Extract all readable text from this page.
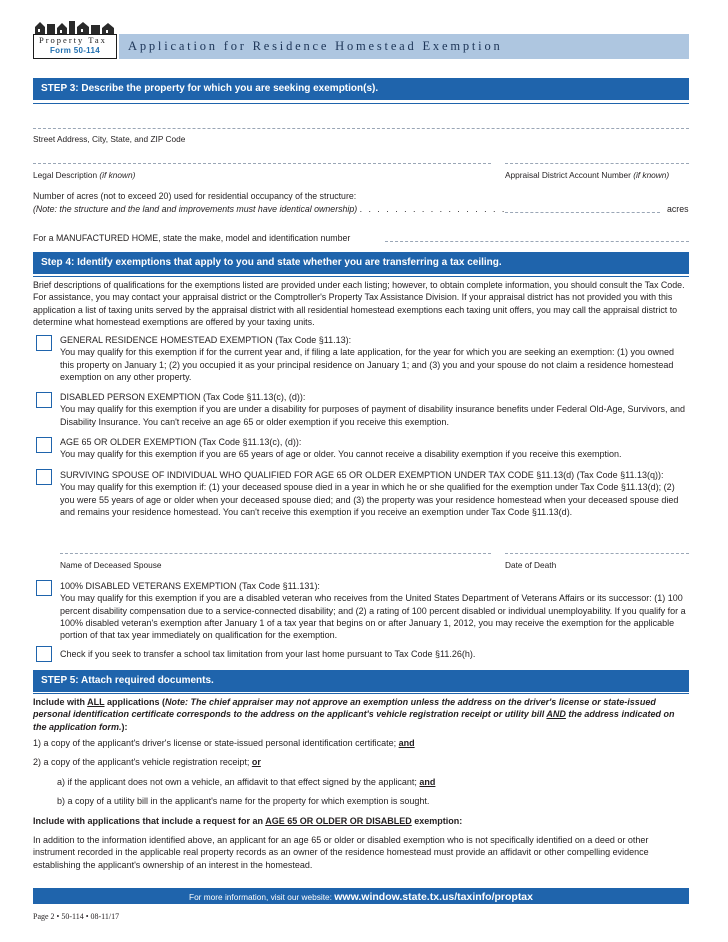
Property Tax
Form 50-114	Application for Residence Homestead Exemption
STEP 3: Describe the property for which you are seeking exemption(s).
Street Address, City, State, and ZIP Code
Legal Description (if known)	Appraisal District Account Number (if known)
Number of acres (not to exceed 20) used for residential occupancy of the structure:
(Note: the structure and the land and improvements must have identical ownership) . . . . . . . . . . . . . . . . .	acres
For a MANUFACTURED HOME, state the make, model and identification number
Step 4: Identify exemptions that apply to you and state whether you are transferring a tax ceiling.
Brief descriptions of qualifications for the exemptions listed are provided under each listing; however, to obtain complete information, you should consult the Tax Code. For assistance, you may contact your appraisal district or the Comptroller's Property Tax Assistance Division. If your appraisal district has not provided you with this application a list of taxing units served by the appraisal district with all residential homestead exemptions each taxing unit offers, you may call the appraisal district to determine what homestead exemptions are offered by your taxing units.
GENERAL RESIDENCE HOMESTEAD EXEMPTION (Tax Code §11.13):
You may qualify for this exemption if for the current year and, if filing a late application, for the year for which you are seeking an exemption: (1) you owned this property on January 1; (2) you occupied it as your principal residence on January 1; and (3) you and your spouse do not claim a residence homestead exemption on any other property.
DISABLED PERSON EXEMPTION (Tax Code §11.13(c), (d)):
You may qualify for this exemption if you are under a disability for purposes of payment of disability insurance benefits under Federal Old-Age, Survivors, and Disability Insurance. You can't receive an age 65 or older exemption if you receive this exemption.
AGE 65 OR OLDER EXEMPTION (Tax Code §11.13(c), (d)):
You may qualify for this exemption if you are 65 years of age or older. You cannot receive a disability exemption if you receive this exemption.
SURVIVING SPOUSE OF INDIVIDUAL WHO QUALIFIED FOR AGE 65 OR OLDER EXEMPTION UNDER TAX CODE §11.13(d) (Tax Code §11.13(q)):
You may qualify for this exemption if: (1) your deceased spouse died in a year in which he or she qualified for the exemption under Tax Code §11.13(d); (2) you were 55 years of age or older when your deceased spouse died; and (3) the property was your residence homestead when your deceased spouse died and remains your residence homestead. You can't receive this exemption if you receive an exemption under Tax Code §11.13(d).
Name of Deceased Spouse	Date of Death
100% DISABLED VETERANS EXEMPTION (Tax Code §11.131):
You may qualify for this exemption if you are a disabled veteran who receives from the United States Department of Veterans Affairs or its successor: (1) 100 percent disability compensation due to a service-connected disability; and (2) a rating of 100 percent disabled or individual unemployability. If you qualify for a 100% disabled veteran's exemption after January 1 of a tax year that begins on or after January 1, 2012, you may receive the exemption for the applicable portion of that tax year immediately on qualification for the exemption.
Check if you seek to transfer a school tax limitation from your last home pursuant to Tax Code §11.26(h).
STEP 5: Attach required documents.
Include with ALL applications (Note: The chief appraiser may not approve an exemption unless the address on the driver's license or state-issued personal identification certificate corresponds to the address on the applicant's vehicle registration receipt or utility bill AND the address indicated on the application form.):
1) a copy of the applicant's driver's license or state-issued personal identification certificate; and
2) a copy of the applicant's vehicle registration receipt; or
a) if the applicant does not own a vehicle, an affidavit to that effect signed by the applicant; and
b) a copy of a utility bill in the applicant's name for the property for which exemption is sought.
Include with applications that include a request for an AGE 65 OR OLDER OR DISABLED exemption:
In addition to the information identified above, an applicant for an age 65 or older or disabled exemption who is not specifically identified on a deed or other instrument recorded in the applicable real property records as an owner of the residence homestead must provide an affidavit or other compelling evidence establishing the applicant's ownership of an interest in the homestead.
For more information, visit our website: www.window.state.tx.us/taxinfo/proptax
Page 2 • 50-114 • 08-11/17
